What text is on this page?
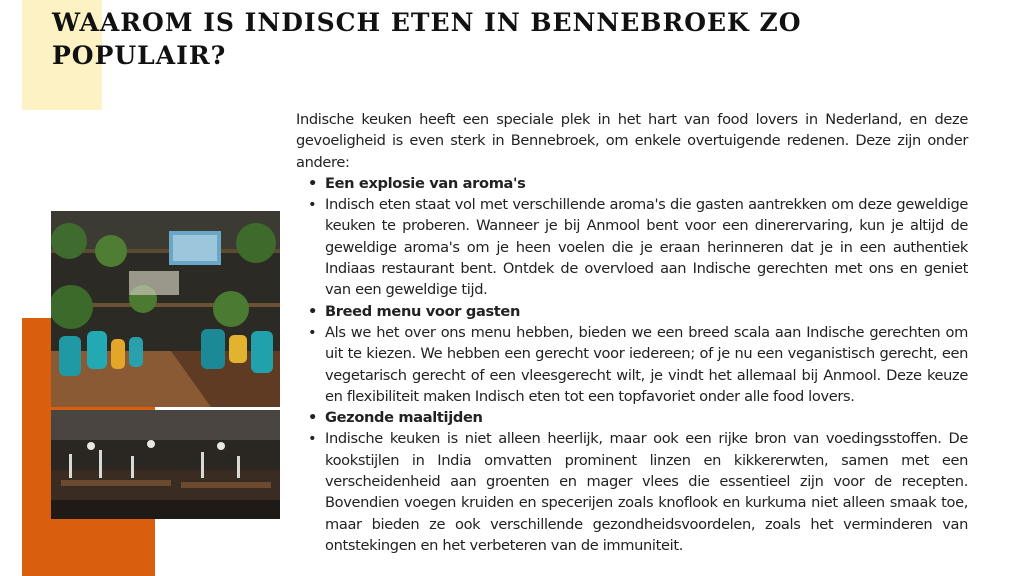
WAAROM IS INDISCH ETEN IN BENNEBROEK ZO POPULAIR?

Indische keuken heeft een speciale plek in het hart van food lovers in Nederland, en deze gevoeligheid is even sterk in Bennebroek, om enkele overtuigende redenen. Deze zijn onder andere:

• Een explosie van aroma's
• Indisch eten staat vol met verschillende aroma's die gasten aantrekken om deze geweldige keuken te proberen. Wanneer je bij Anmool bent voor een dinerervaring, kun je altijd de geweldige aroma's om je heen voelen die je eraan herinneren dat je in een authentiek Indiaas restaurant bent. Ontdek de overvloed aan Indische gerechten met ons en geniet van een geweldige tijd.
• Breed menu voor gasten
• Als we het over ons menu hebben, bieden we een breed scala aan Indische gerechten om uit te kiezen. We hebben een gerecht voor iedereen; of je nu een veganistisch gerecht, een vegetarisch gerecht of een vleesgerecht wilt, je vindt het allemaal bij Anmool. Deze keuze en flexibiliteit maken Indisch eten tot een topfavoriet onder alle food lovers.
• Gezonde maaltijden
• Indische keuken is niet alleen heerlijk, maar ook een rijke bron van voedingsstoffen. De kookstijlen in India omvatten prominent linzen en kikkererwten, samen met een verscheidenheid aan groenten en mager vlees die essentieel zijn voor de recepten. Bovendien voegen kruiden en specerijen zoals knoflook en kurkuma niet alleen smaak toe, maar bieden ze ook verschillende gezondheidsvoordelen, zoals het verminderen van ontstekingen en het verbeteren van de immuniteit.
